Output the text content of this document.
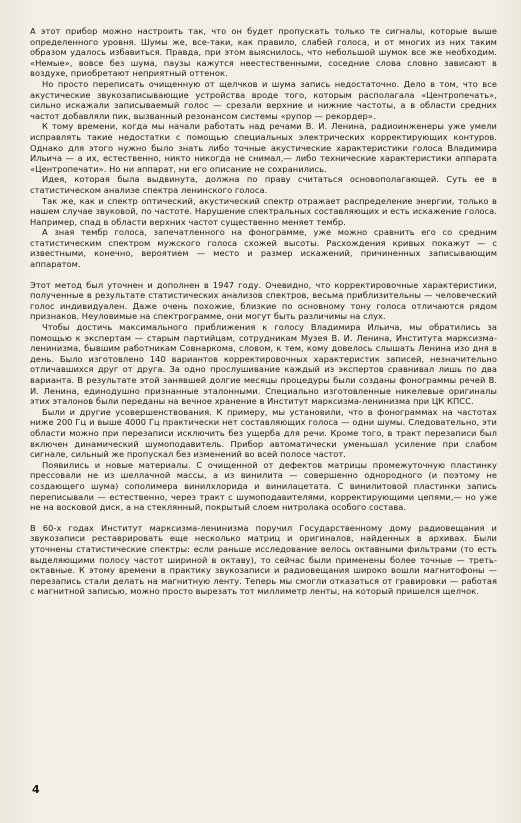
А этот прибор можно настроить так, что он будет пропускать только те сигналы, которые выше определенного уровня. Шумы же, все-таки, как правило, слабей голоса, и от многих из них таким образом удалось избавиться. Правда, при этом выяснилось, что небольшой шумок все же необходим. «Немые», вовсе без шума, паузы кажутся неестественными, соседние слова словно зависают в воздухе, приобретают неприятный оттенок.

Но просто переписать очищенную от щелчков и шума запись недостаточно. Дело в том, что все акустические звукозаписывающие устройства вроде того, которым располагала «Центропечать», сильно искажали записываемый голос — срезали верхние и нижние частоты, а в области средних частот добавляли пик, вызванный резонансом системы «рупор — рекордер».

К тому времени, когда мы начали работать над речами В. И. Ленина, радиоинженеры уже умели исправлять такие недостатки с помощью специальных электрических корректирующих контуров. Однако для этого нужно было знать либо точные акустические характеристики голоса Владимира Ильича — а их, естественно, никто никогда не снимал,— либо технические характеристики аппарата «Центропечати». Но ни аппарат, ни его описание не сохранились.

Идея, которая была выдвинута, должна по праву считаться основополагающей. Суть ее в статистическом анализе спектра ленинского голоса.

Так же, как и спектр оптический, акустический спектр отражает распределение энергии, только в нашем случае звуковой, по частоте. Нарушение спектральных составляющих и есть искажение голоса. Например, спад в области верхних частот существенно меняет тембр.

А зная тембр голоса, запечатленного на фонограмме, уже можно сравнить его со средним статистическим спектром мужского голоса схожей высоты. Расхождения кривых покажут — с известными, конечно, вероятием — место и размер искажений, причиненных записывающим аппаратом.

Этот метод был уточнен и дополнен в 1947 году. Очевидно, что корректировочные характеристики, полученные в результате статистических анализов спектров, весьма приблизительны — человеческий голос индивидуален. Даже очень похожие, близкие по основному тону голоса отличаются рядом признаков. Неуловимые на спектрограмме, они могут быть различимы на слух.

Чтобы достичь максимального приближения к голосу Владимира Ильича, мы обратились за помощью к экспертам — старым партийцам, сотрудникам Музея В. И. Ленина, Института марксизма-ленинизма, бывшим работникам Совнаркома, словом, к тем, кому довелось слышать Ленина изо дня в день. Было изготовлено 140 вариантов корректировочных характеристик записей, незначительно отличавшихся друг от друга. За одно прослушивание каждый из экспертов сравнивал лишь по два варианта. В результате этой занявшей долгие месяцы процедуры были созданы фонограммы речей В. И. Ленина, единодушно признанные эталонными. Специально изготовленные никелевые оригиналы этих эталонов были переданы на вечное хранение в Институт марксизма-ленинизма при ЦК КПСС.

Были и другие усовершенствования. К примеру, мы установили, что в фонограммах на частотах ниже 200 Гц и выше 4000 Гц практически нет составляющих голоса — одни шумы. Следовательно, эти области можно при перезаписи исключить без ущерба для речи. Кроме того, в тракт перезаписи был включен динамический шумоподавитель. Прибор автоматически уменьшал усиление при слабом сигнале, сильный же пропускал без изменений во всей полосе частот.

Появились и новые материалы. С очищенной от дефектов матрицы промежуточную пластинку прессовали не из шеллачной массы, а из винилита — совершенно однородного (и поэтому не создающего шума) сополимера винилхлорида и винилацетата. С винилитовой пластинки запись переписывали — естественно, через тракт с шумоподавителями, корректирующими цепями,— но уже не на восковой диск, а на стеклянный, покрытый слоем нитролака особого состава.

В 60-х годах Институт марксизма-ленинизма поручил Государственному дому радиовещания и звукозаписи реставрировать еще несколько матриц и оригиналов, найденных в архивах. Были уточнены статистические спектры: если раньше исследование велось октавными фильтрами (то есть выделяющими полосу частот шириной в октаву), то сейчас были применены более точные — треть-октавные. К этому времени в практику звукозаписи и радиовещания широко вошли магнитофоны — перезапись стали делать на магнитную ленту. Теперь мы смогли отказаться от гравировки — работая с магнитной записью, можно просто вырезать тот миллиметр ленты, на который пришелся щелчок.

4
